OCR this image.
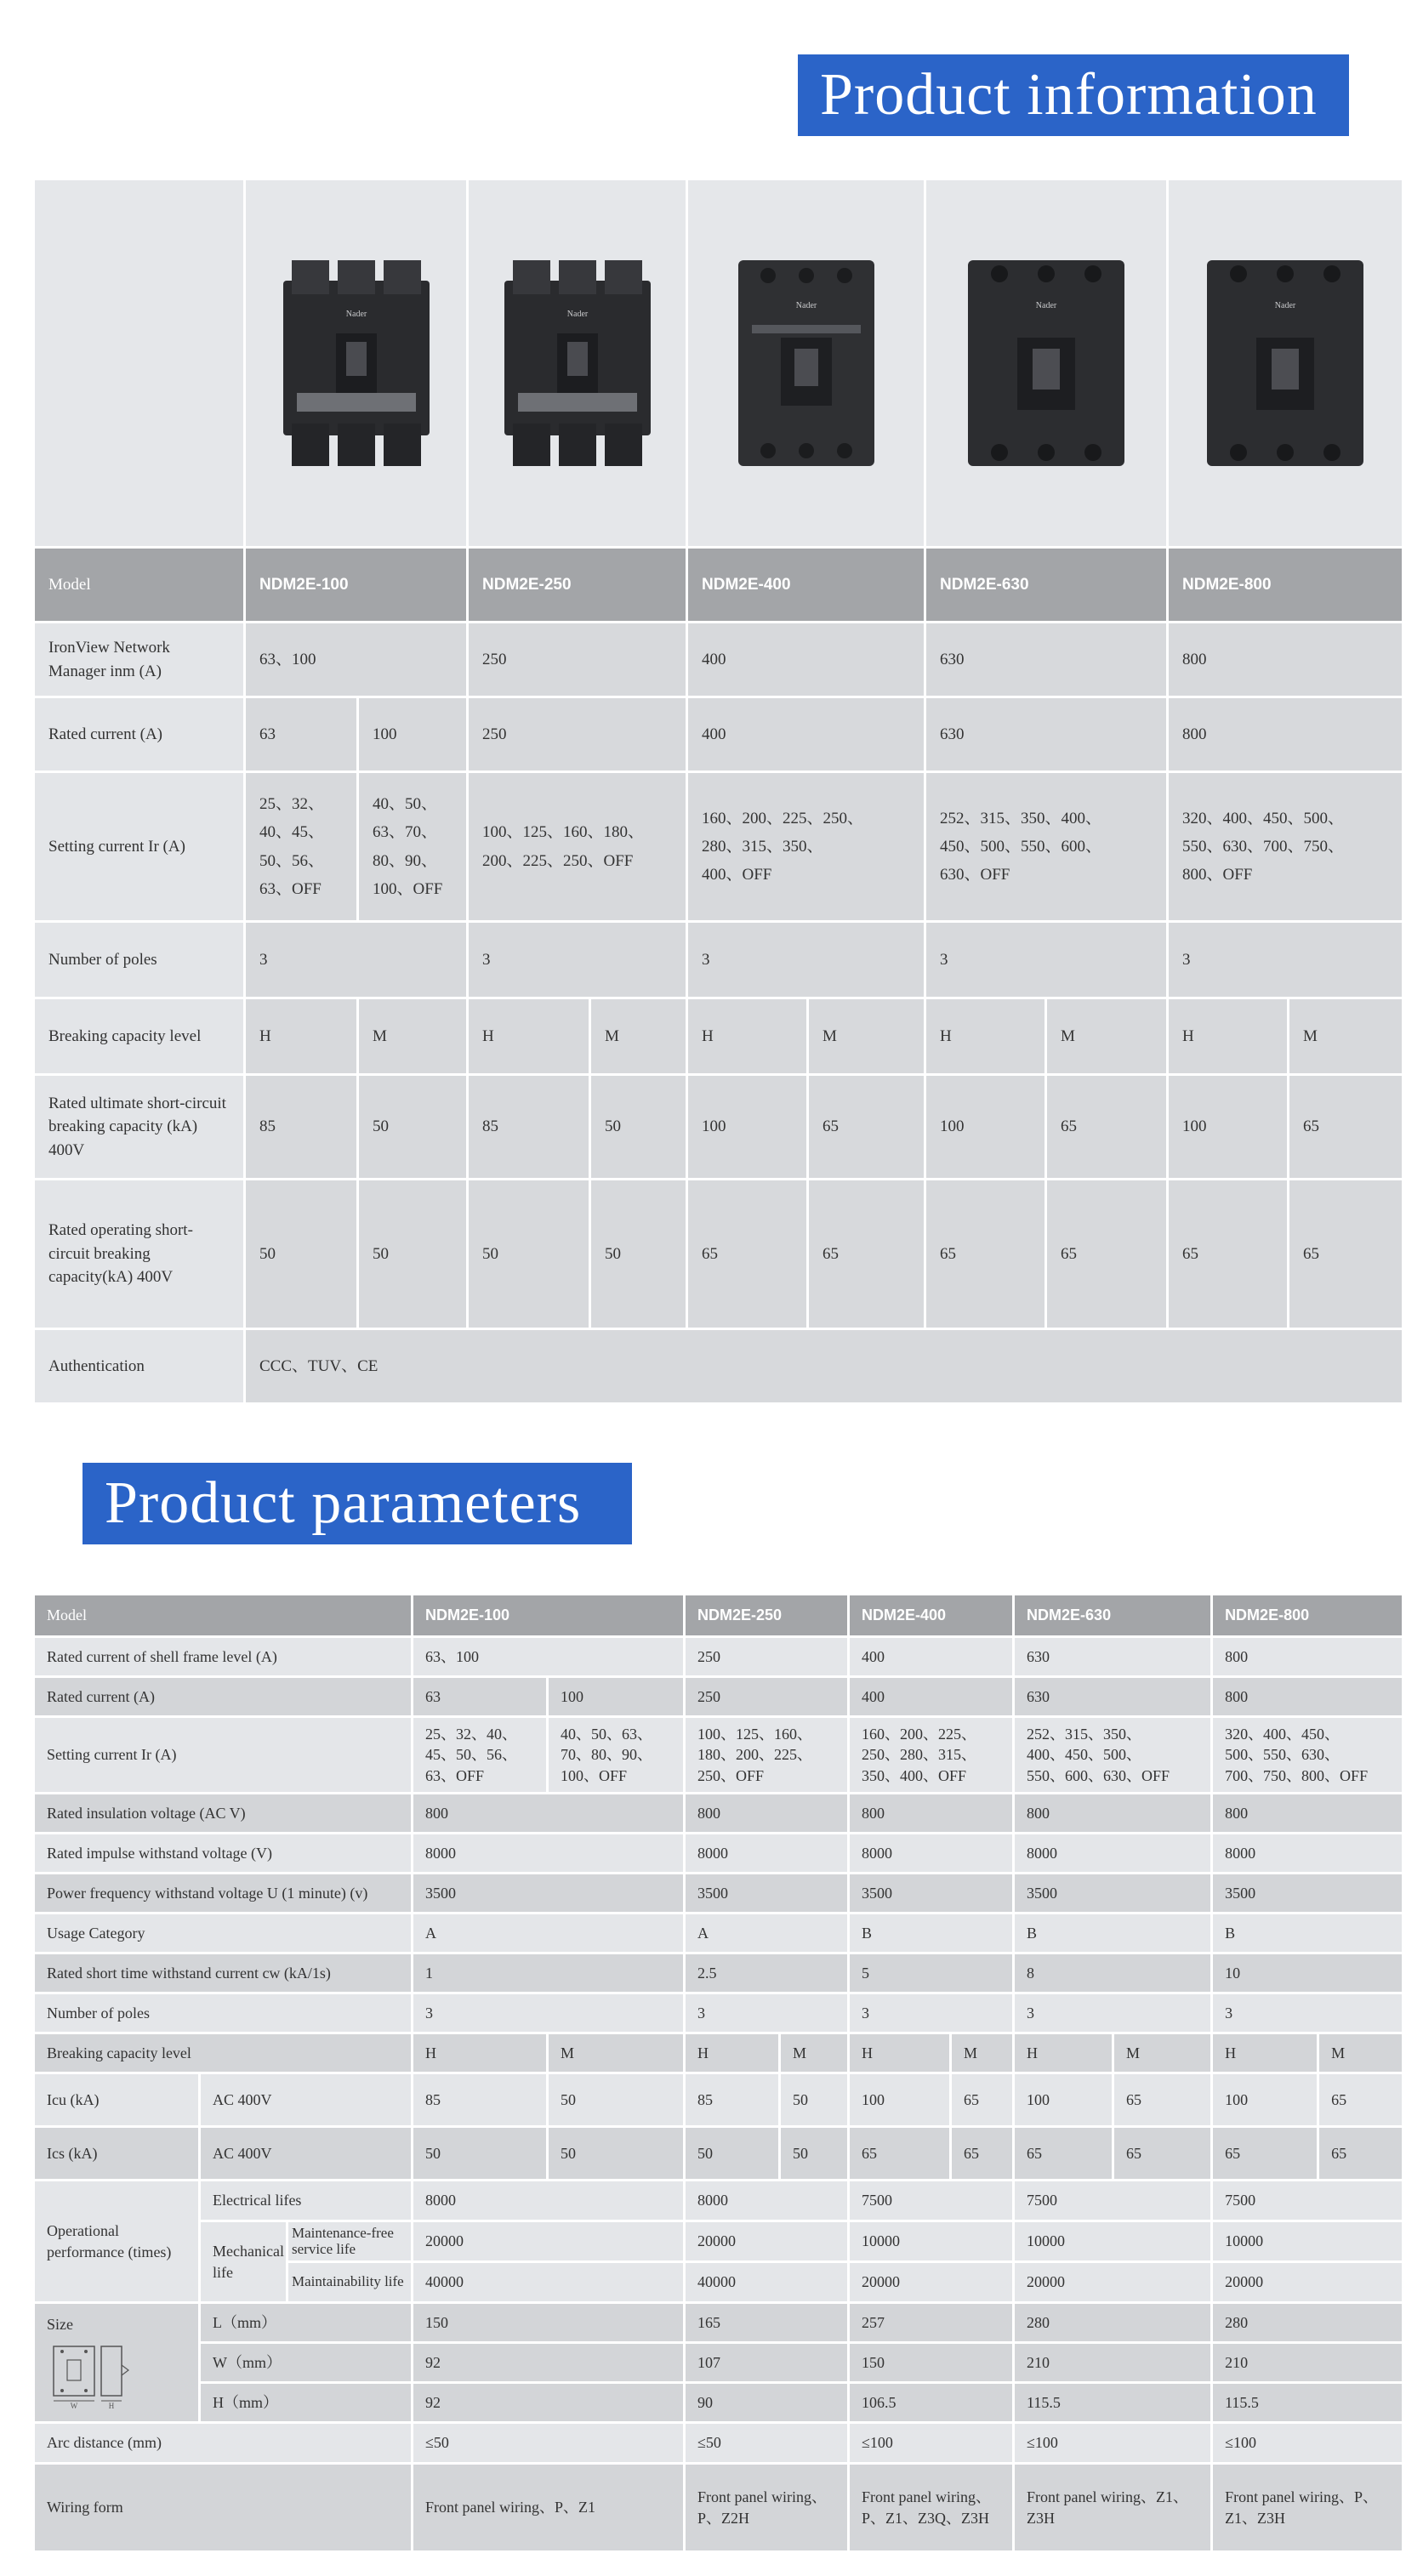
Product information

Nader		Nader		Nader		Nader		Nader	

Model	NDM2E-100		NDM2E-250		NDM2E-400		NDM2E-630		NDM2E-800	
IronView Network Manager inm (A)	63、100		250		400		630		800	
Rated current (A)	63	100	250		400		630		800	
Setting current Ir (A)	25、32、
40、45、
50、56、
63、OFF	40、50、
63、70、
80、90、
100、OFF	100、125、160、180、
200、225、250、OFF		160、200、225、250、
280、315、350、
400、OFF		252、315、350、400、
450、500、550、600、
630、OFF		320、400、450、500、
550、630、700、750、
800、OFF	
Number of poles	3		3		3		3		3	
Breaking capacity level	H	M	H	M	H	M	H	M	H	M
Rated ultimate short-circuit breaking capacity (kA) 400V	85	50	85	50	100	65	100	65	100	65
Rated operating short-circuit breaking capacity(kA) 400V	50	50	50	50	65	65	65	65	65	65
Authentication	CCC、TUV、CE									
Product parameters
Model			NDM2E-100		NDM2E-250		NDM2E-400		NDM2E-630		NDM2E-800	
Rated current of shell frame level (A)			63、100		250		400		630		800	
Rated current (A)			63	100	250		400		630		800	
Setting current Ir (A)			25、32、40、
45、50、56、
63、OFF	40、50、63、
70、80、90、
100、OFF	100、125、160、
180、200、225、
250、OFF		160、200、225、
250、280、315、
350、400、OFF		252、315、350、
400、450、500、
550、600、630、OFF		320、400、450、
500、550、630、
700、750、800、OFF	
Rated insulation voltage (AC V)			800		800		800		800		800	
Rated impulse withstand voltage (V)			8000		8000		8000		8000		8000	
Power frequency withstand voltage U (1 minute) (v)			3500		3500		3500		3500		3500	
Usage Category			A		A		B		B		B	
Rated short time withstand current cw (kA/1s)			1		2.5		5		8		10	
Number of poles			3		3		3		3		3	
Breaking capacity level			H	M	H	M	H	M	H	M	H	M
Icu (kA)	AC 400V		85	50	85	50	100	65	100	65	100	65
Ics (kA)	AC 400V		50	50	50	50	65	65	65	65	65	65
Operational performance (times)	Electrical lifes		8000		8000		7500		7500		7500	
	Mechanical life	Maintenance-free service life	20000		20000		10000		10000		10000	
		Maintainability life	40000		40000		20000		20000		20000	

Size
W H	L（mm）		150		165		257		280		280	
	W（mm）		92		107		150		210		210	
	H（mm）		92		90		106.5		115.5		115.5	
Arc distance (mm)			≤50		≤50		≤100		≤100		≤100	
Wiring form			Front panel wiring、P、Z1		Front panel wiring、
P、Z2H		Front panel wiring、
P、Z1、Z3Q、Z3H		Front panel wiring、Z1、
Z3H		Front panel wiring、P、
Z1、Z3H	
